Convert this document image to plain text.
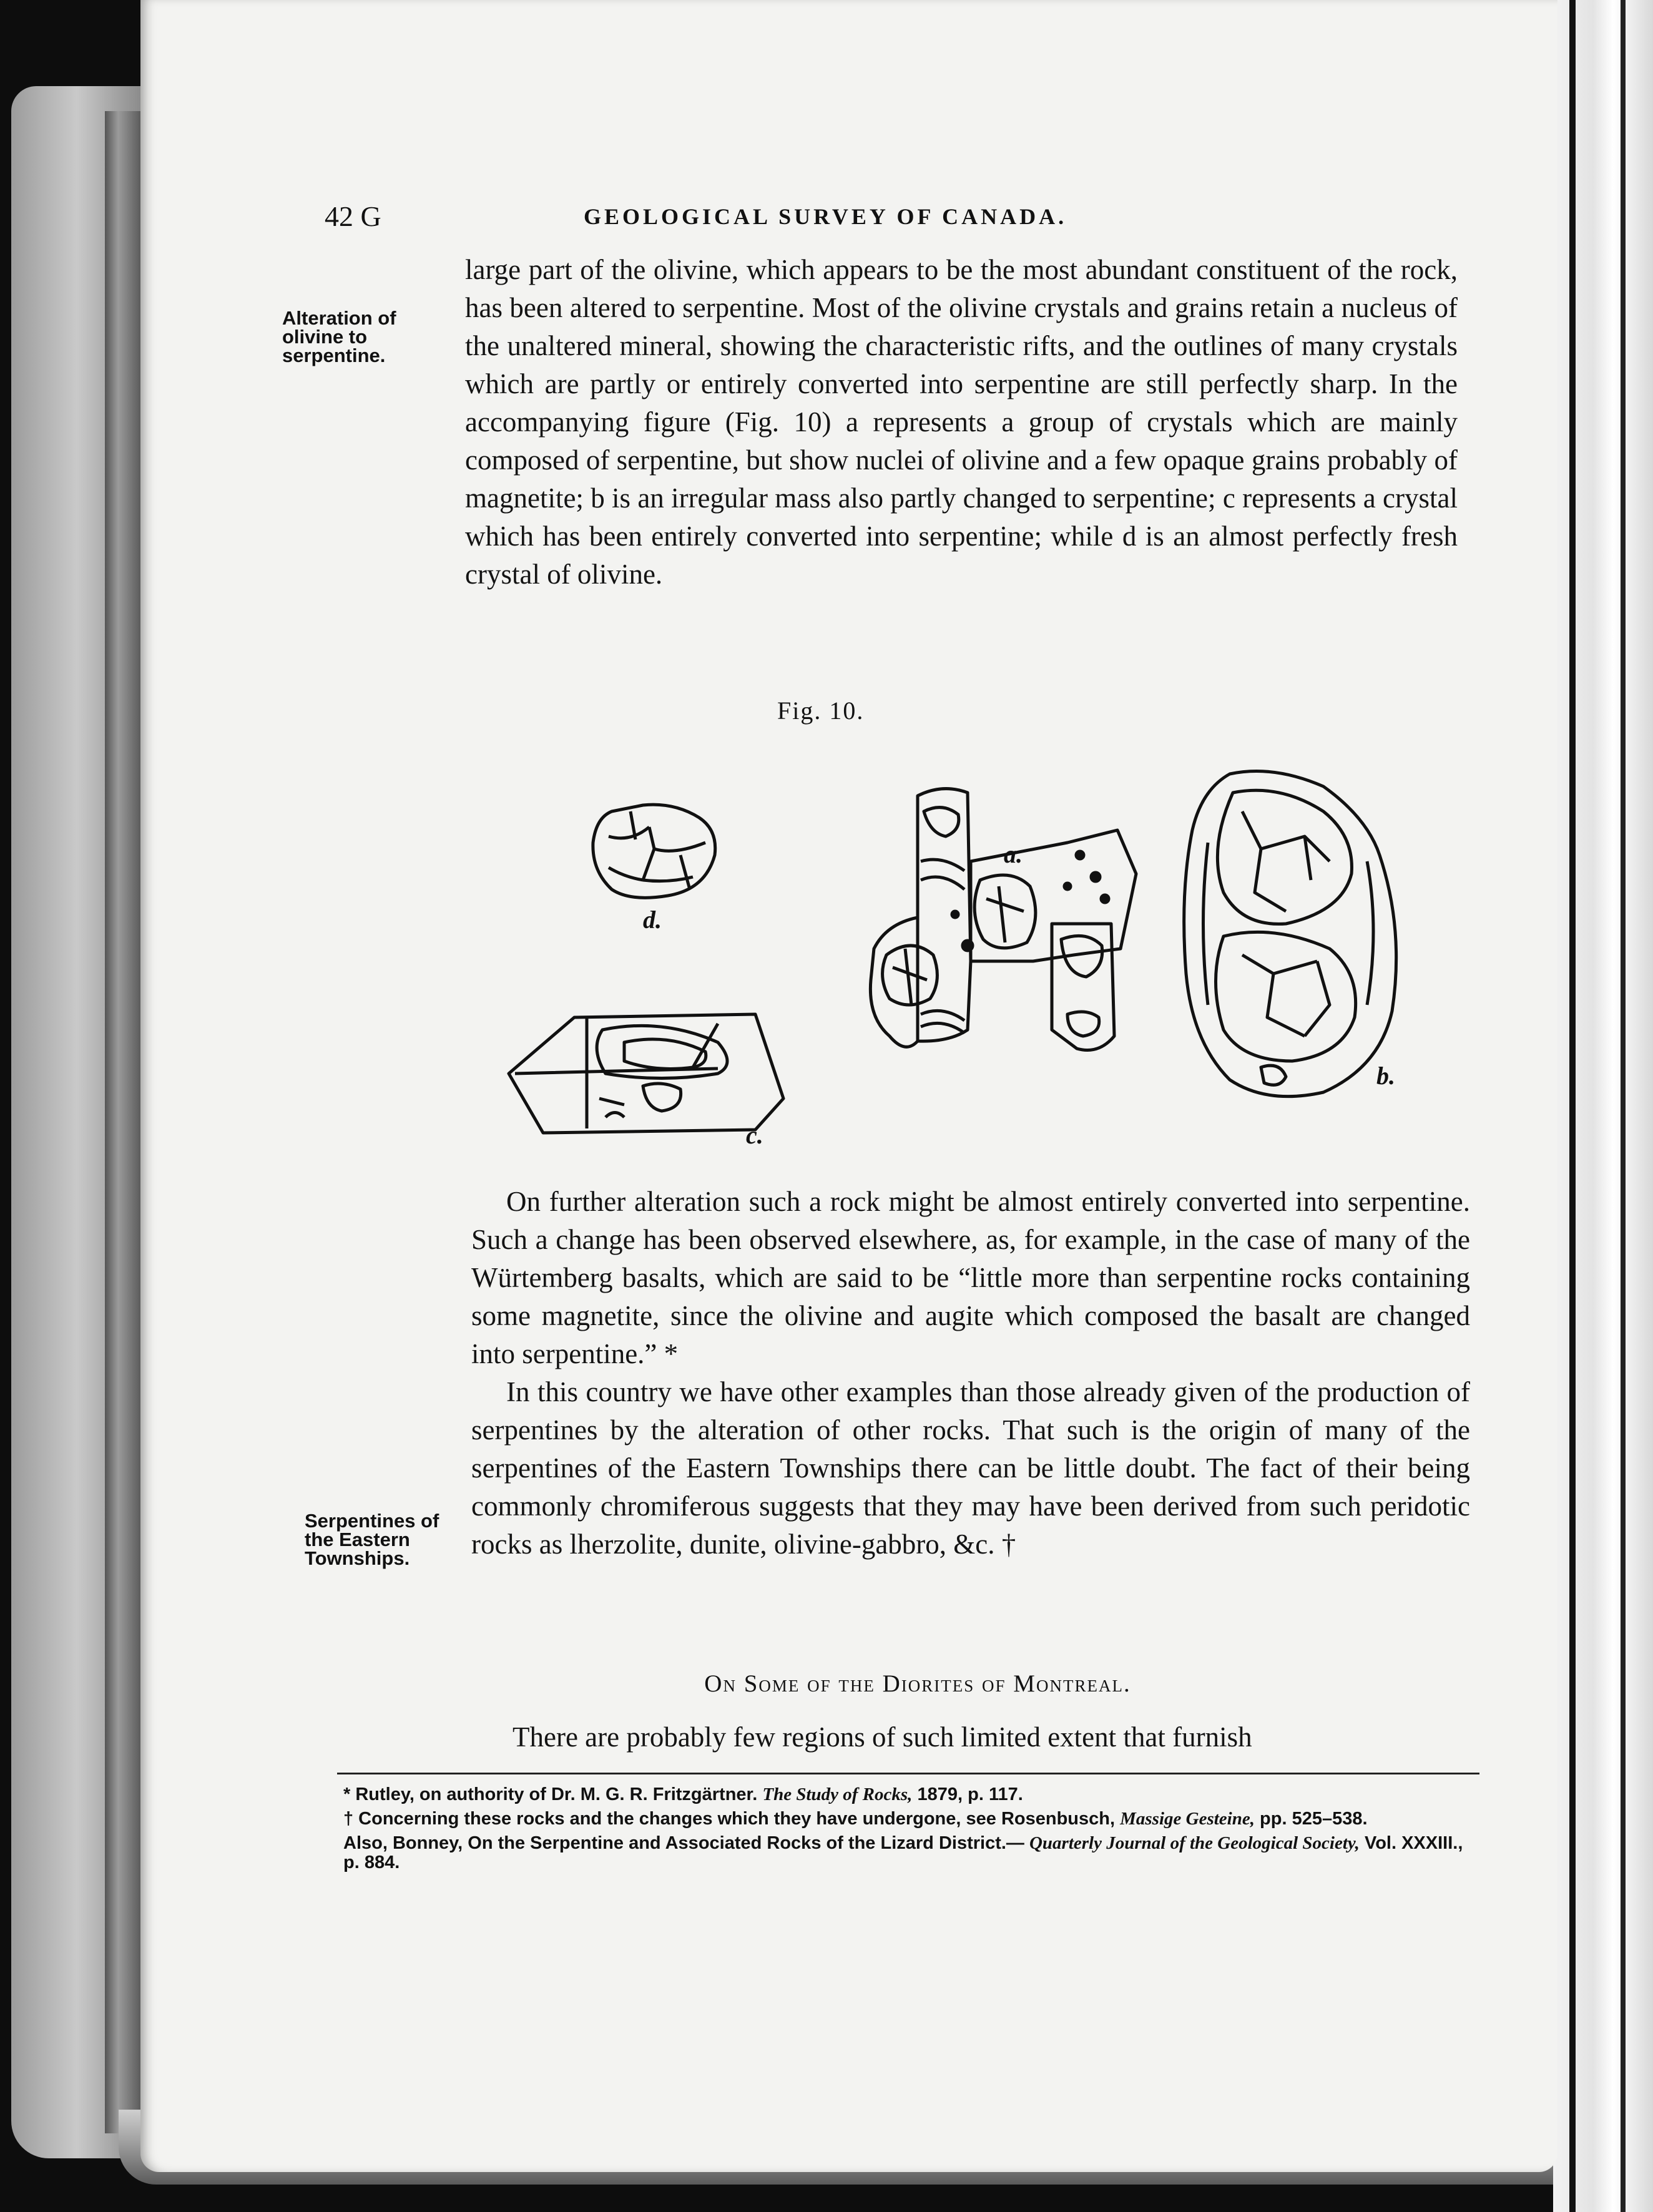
42 G	GEOLOGICAL SURVEY OF CANADA.
Alteration of olivine to serpentine.
Serpentines of the Eastern Townships.

large part of the olivine, which appears to be the most abundant constituent of the rock, has been altered to serpentine. Most of the olivine crystals and grains retain a nucleus of the unaltered mineral, showing the characteristic rifts, and the outlines of many crystals which are partly or entirely converted into serpentine are still perfectly sharp. In the accompanying figure (Fig. 10) a represents a group of crystals which are mainly composed of serpentine, but show nuclei of olivine and a few opaque grains probably of magnetite; b is an irregular mass also partly changed to serpentine; c represents a crystal which has been entirely converted into serpentine; while d is an almost perfectly fresh crystal of olivine.

Fig. 10.
a.
b.
c.
d.

On further alteration such a rock might be almost entirely converted into serpentine. Such a change has been observed elsewhere, as, for example, in the case of many of the Würtemberg basalts, which are said to be “little more than serpentine rocks containing some magnetite, since the olivine and augite which composed the basalt are changed into serpentine.” *

In this country we have other examples than those already given of the production of serpentines by the alteration of other rocks. That such is the origin of many of the serpentines of the Eastern Townships there can be little doubt. The fact of their being commonly chromiferous suggests that they may have been derived from such peridotic rocks as lherzolite, dunite, olivine-gabbro, &c. †

On Some of the Diorites of Montreal.

There are probably few regions of such limited extent that furnish

* Rutley, on authority of Dr. M. G. R. Fritzgärtner. The Study of Rocks, 1879, p. 117.

† Concerning these rocks and the changes which they have undergone, see Rosenbusch, Massige Gesteine, pp. 525–538.

Also, Bonney, On the Serpentine and Associated Rocks of the Lizard District.— Quarterly Journal of the Geological Society, Vol. XXXIII., p. 884.
